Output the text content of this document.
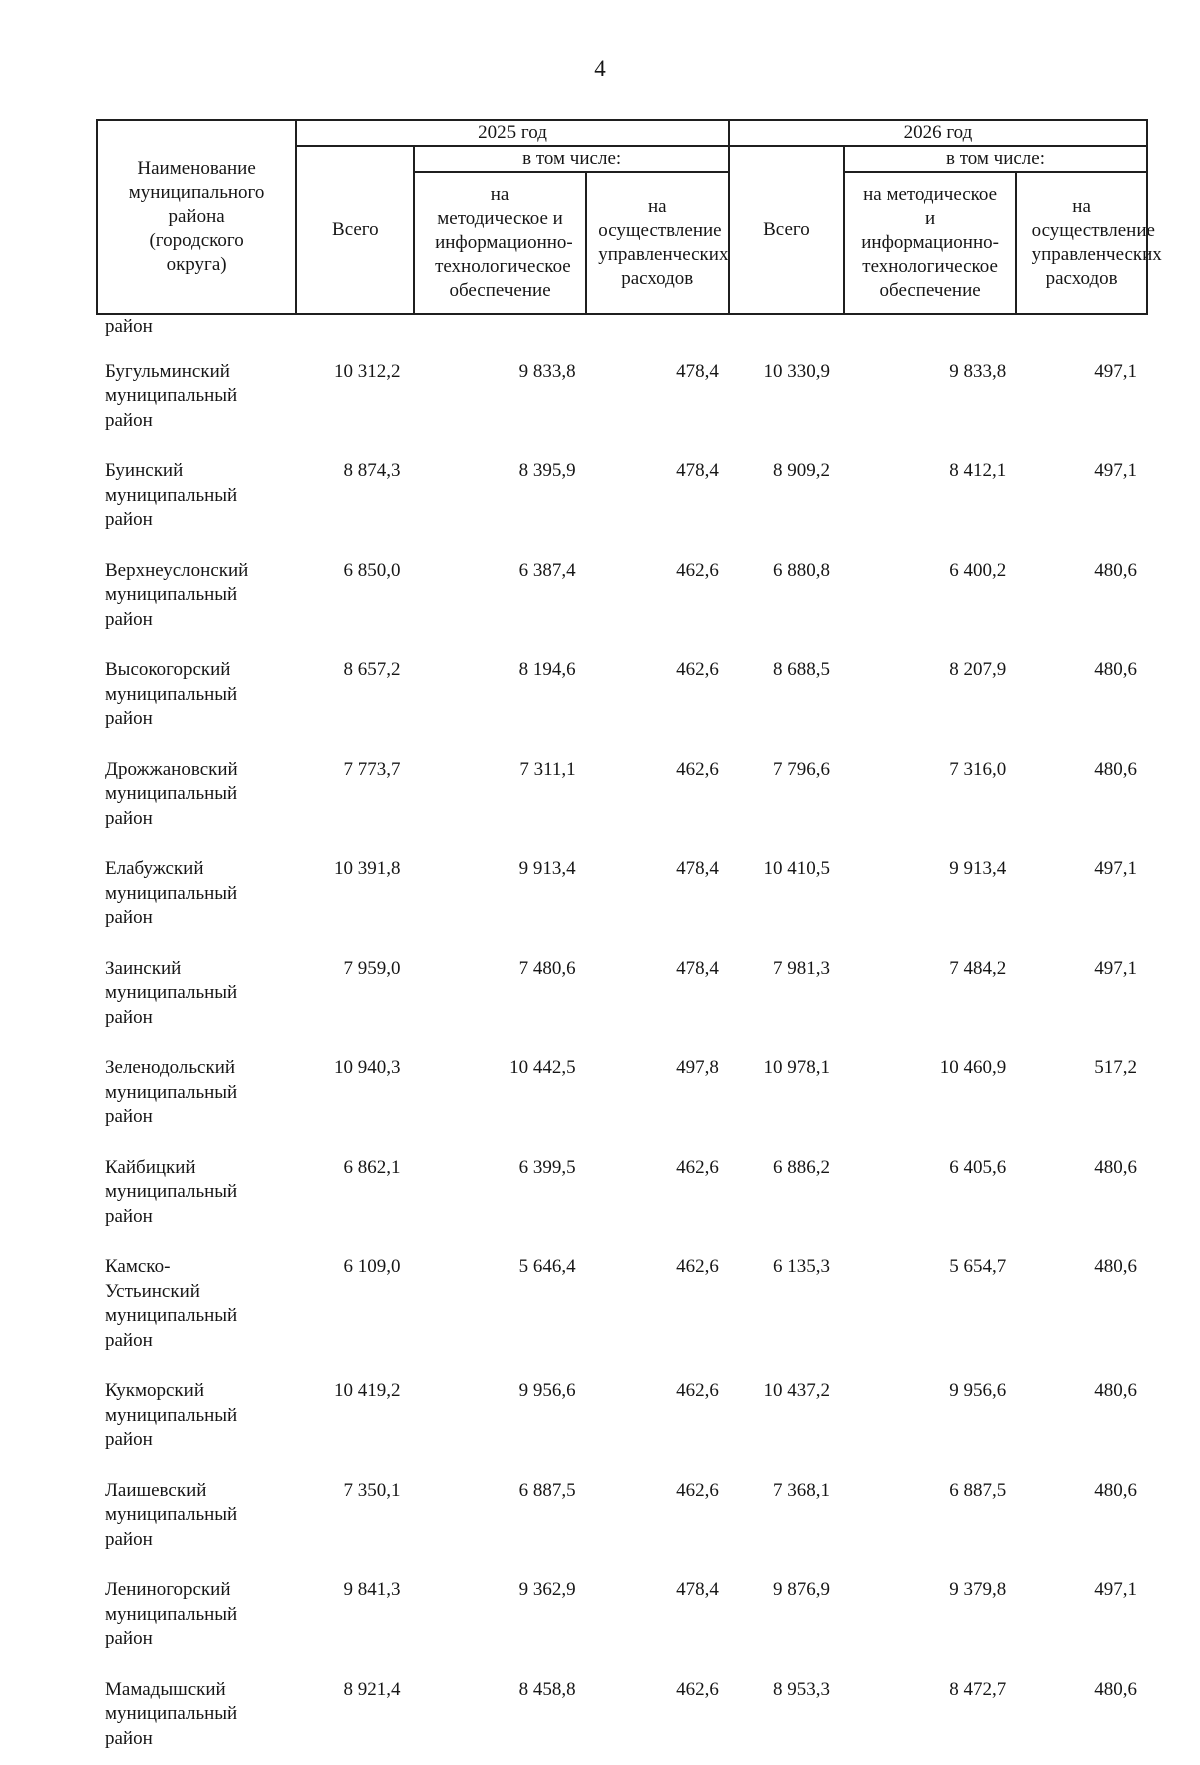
4
Наименование муниципального района (городского округа)	2025 год			2026 год		
	Всего	в том числе:		Всего	в том числе:	

		на методическое и информационно-технологическое обеспечение	на осуществление управленческих расходов		на методическое и информационно-технологическое обеспечение	на осуществление управленческих расходов

район						

Бугульминский муниципальный район	10 312,2	9 833,8	478,4	10 330,9	9 833,8	497,1

Буинский муниципальный район	8 874,3	8 395,9	478,4	8 909,2	8 412,1	497,1

Верхнеуслонский муниципальный район	6 850,0	6 387,4	462,6	6 880,8	6 400,2	480,6

Высокогорский муниципальный район	8 657,2	8 194,6	462,6	8 688,5	8 207,9	480,6

Дрожжановский муниципальный район	7 773,7	7 311,1	462,6	7 796,6	7 316,0	480,6

Елабужский муниципальный район	10 391,8	9 913,4	478,4	10 410,5	9 913,4	497,1

Заинский муниципальный район	7 959,0	7 480,6	478,4	7 981,3	7 484,2	497,1

Зеленодольский муниципальный район	10 940,3	10 442,5	497,8	10 978,1	10 460,9	517,2

Кайбицкий муниципальный район	6 862,1	6 399,5	462,6	6 886,2	6 405,6	480,6

Камско-Устьинский муниципальный район	6 109,0	5 646,4	462,6	6 135,3	5 654,7	480,6

Кукморский муниципальный район	10 419,2	9 956,6	462,6	10 437,2	9 956,6	480,6

Лаишевский муниципальный район	7 350,1	6 887,5	462,6	7 368,1	6 887,5	480,6

Лениногорский муниципальный район	9 841,3	9 362,9	478,4	9 876,9	9 379,8	497,1

Мамадышский муниципальный район	8 921,4	8 458,8	462,6	8 953,3	8 472,7	480,6
